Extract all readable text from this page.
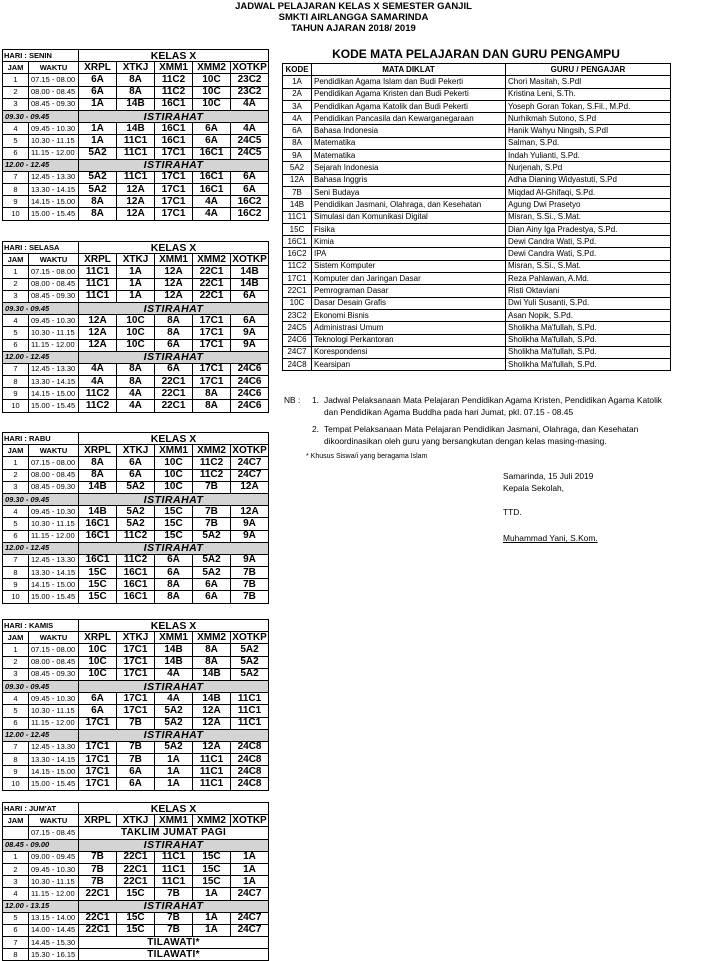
JADWAL PELAJARAN KELAS X SEMESTER GANJIL
SMKTI AIRLANGGA SAMARINDA
TAHUN AJARAN 2018/ 2019
HARI : SENIN		KELAS X				
JAM	WAKTU	XRPL	XTKJ	XMM1	XMM2	XOTKP
1	07.15 - 08.00	6A	8A	11C2	10C	23C2
2	08.00 - 08.45	6A	8A	11C2	10C	23C2
3	08.45 - 09.30	1A	14B	16C1	10C	4A
09.30 - 09.45		ISTIRAHAT				
4	09.45 - 10.30	1A	14B	16C1	6A	4A
5	10.30 - 11.15	1A	11C1	16C1	6A	24C5
6	11.15 - 12.00	5A2	11C1	17C1	16C1	24C5
12.00 - 12.45		ISTIRAHAT				
7	12.45 - 13.30	5A2	11C1	17C1	16C1	6A
8	13.30 - 14.15	5A2	12A	17C1	16C1	6A
9	14.15 - 15.00	8A	12A	17C1	4A	16C2
10	15.00 - 15.45	8A	12A	17C1	4A	16C2
HARI : SELASA		KELAS X				
JAM	WAKTU	XRPL	XTKJ	XMM1	XMM2	XOTKP
1	07.15 - 08.00	11C1	1A	12A	22C1	14B
2	08.00 - 08.45	11C1	1A	12A	22C1	14B
3	08.45 - 09.30	11C1	1A	12A	22C1	6A
09.30 - 09.45		ISTIRAHAT				
4	09.45 - 10.30	12A	10C	8A	17C1	6A
5	10.30 - 11.15	12A	10C	8A	17C1	9A
6	11.15 - 12.00	12A	10C	6A	17C1	9A
12.00 - 12.45		ISTIRAHAT				
7	12.45 - 13.30	4A	8A	6A	17C1	24C6
8	13.30 - 14.15	4A	8A	22C1	17C1	24C6
9	14.15 - 15.00	11C2	4A	22C1	8A	24C6
10	15.00 - 15.45	11C2	4A	22C1	8A	24C6
HARI : RABU		KELAS X				
JAM	WAKTU	XRPL	XTKJ	XMM1	XMM2	XOTKP
1	07.15 - 08.00	8A	6A	10C	11C2	24C7
2	08.00 - 08.45	8A	6A	10C	11C2	24C7
3	08.45 - 09.30	14B	5A2	10C	7B	12A
09.30 - 09.45		ISTIRAHAT				
4	09.45 - 10.30	14B	5A2	15C	7B	12A
5	10.30 - 11.15	16C1	5A2	15C	7B	9A
6	11.15 - 12.00	16C1	11C2	15C	5A2	9A
12.00 - 12.45		ISTIRAHAT				
7	12.45 - 13.30	16C1	11C2	6A	5A2	9A
8	13.30 - 14.15	15C	16C1	6A	5A2	7B
9	14.15 - 15.00	15C	16C1	8A	6A	7B
10	15.00 - 15.45	15C	16C1	8A	6A	7B
HARI : KAMIS		KELAS X				
JAM	WAKTU	XRPL	XTKJ	XMM1	XMM2	XOTKP
1	07.15 - 08.00	10C	17C1	14B	8A	5A2
2	08.00 - 08.45	10C	17C1	14B	8A	5A2
3	08.45 - 09.30	10C	17C1	4A	14B	5A2
09.30 - 09.45		ISTIRAHAT				
4	09.45 - 10.30	6A	17C1	4A	14B	11C1
5	10.30 - 11.15	6A	17C1	5A2	12A	11C1
6	11.15 - 12.00	17C1	7B	5A2	12A	11C1
12.00 - 12.45		ISTIRAHAT				
7	12.45 - 13.30	17C1	7B	5A2	12A	24C8
8	13.30 - 14.15	17C1	7B	1A	11C1	24C8
9	14.15 - 15.00	17C1	6A	1A	11C1	24C8
10	15.00 - 15.45	17C1	6A	1A	11C1	24C8
HARI : JUM'AT		KELAS X				
JAM	WAKTU	XRPL	XTKJ	XMM1	XMM2	XOTKP
	07.15 - 08.45	TAKLIM JUMAT PAGI				
08.45 - 09.00		ISTIRAHAT				
1	09.00 - 09.45	7B	22C1	11C1	15C	1A
2	09.45 - 10.30	7B	22C1	11C1	15C	1A
3	10.30 - 11.15	7B	22C1	11C1	15C	1A
4	11.15 - 12.00	22C1	15C	7B	1A	24C7
12.00 - 13.15		ISTIRAHAT				
5	13.15 - 14.00	22C1	15C	7B	1A	24C7
6	14.00 - 14.45	22C1	15C	7B	1A	24C7
7	14.45 - 15.30	TILAWATI*				
8	15.30 - 16.15	TILAWATI*				
KODE MATA PELAJARAN DAN GURU PENGAMPU
KODE	MATA DIKLAT	GURU / PENGAJAR
1A	Pendidikan Agama Islam dan Budi Pekerti	Chori Masitah, S.PdI
2A	Pendidikan Agama Kristen dan Budi Pekerti	Kristina Leni, S.Th.
3A	Pendidikan Agama Katolik dan Budi Pekerti	Yoseph Goran Tokan, S.Fil., M.Pd.
4A	Pendidikan Pancasila dan Kewarganegaraan	Nurhikmah Sutono, S.Pd
6A	Bahasa Indonesia	Hanik Wahyu Ningsih, S.PdI
8A	Matematika	Salman, S.Pd.
9A	Matematika	Indah Yulianti, S.Pd.
5A2	Sejarah Indonesia	Nurjenah, S.Pd
12A	Bahasa Inggris	Adha Dianing Widyastuti, S.Pd
7B	Seni Budaya	Miqdad Al-Ghifaqi, S.Pd.
14B	Pendidikan Jasmani, Olahraga, dan Kesehatan	Agung Dwi Prasetyo
11C1	Simulasi dan Komunikasi Digital	Misran, S.Si., S.Mat.
15C	Fisika	Dian Ainy Iga Pradestya, S.Pd.
16C1	Kimia	Dewi Candra Wati, S.Pd.
16C2	IPA	Dewi Candra Wati, S.Pd.
11C2	Sistem Komputer	Misran, S.Si., S.Mat.
17C1	Komputer dan Jaringan Dasar	Reza Pahlawan, A.Md.
22C1	Pemrograman Dasar	Risti Oktaviani
10C	Dasar Desain Grafis	Dwi Yuli Susanti, S.Pd.
23C2	Ekonomi Bisnis	Asan Nopik, S.Pd.
24C5	Administrasi Umum	Sholikha Ma'fullah, S.Pd.
24C6	Teknologi Perkantoran	Sholikha Ma'fullah, S.Pd.
24C7	Korespondensi	Sholikha Ma'fullah, S.Pd.
24C8	Kearsipan	Sholikha Ma'fullah, S.Pd.
NB :	1. Jadwal Pelaksanaan Mata Pelajaran Pendidikan Agama Kristen, Pendidikan Agama Katolik
dan Pendidikan Agama Buddha pada hari Jumat, pkl. 07.15 - 08.45
2. Tempat Pelaksanaan Mata Pelajaran Pendidikan Jasmani, Olahraga, dan Kesehatan
dikoordinasikan oleh guru yang bersangkutan dengan kelas masing-masing.
* Khusus Siswa/i yang beragama Islam
Samarinda, 15 Juli 2019
Kepala Sekolah,
TTD.
Muhammad Yani, S.Kom.
